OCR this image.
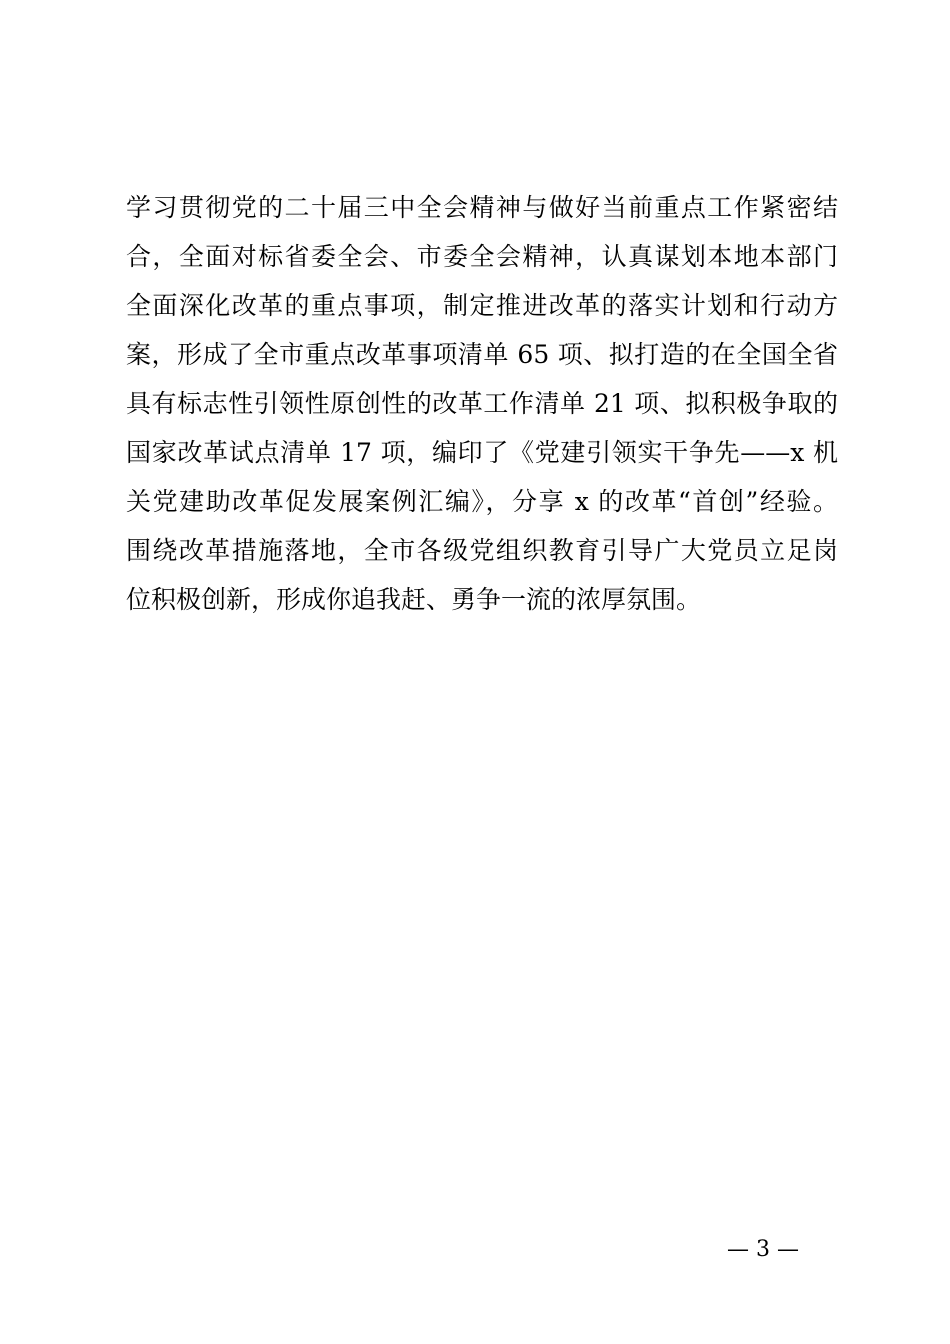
学习贯彻党的二十届三中全会精神与做好当前重点工作紧密结
合，全面对标省委全会、市委全会精神，认真谋划本地本部门
全面深化改革的重点事项，制定推进改革的落实计划和行动方
案，形成了全市重点改革事项清单 65 项、拟打造的在全国全省
具有标志性引领性原创性的改革工作清单 21 项、拟积极争取的
国家改革试点清单 17 项，编印了《党建引领实干争先——x 机
关党建助改革促发展案例汇编》，分享 x 的改革“首创”经验。
围绕改革措施落地，全市各级党组织教育引导广大党员立足岗
位积极创新，形成你追我赶、勇争一流的浓厚氛围。
— 3 —
